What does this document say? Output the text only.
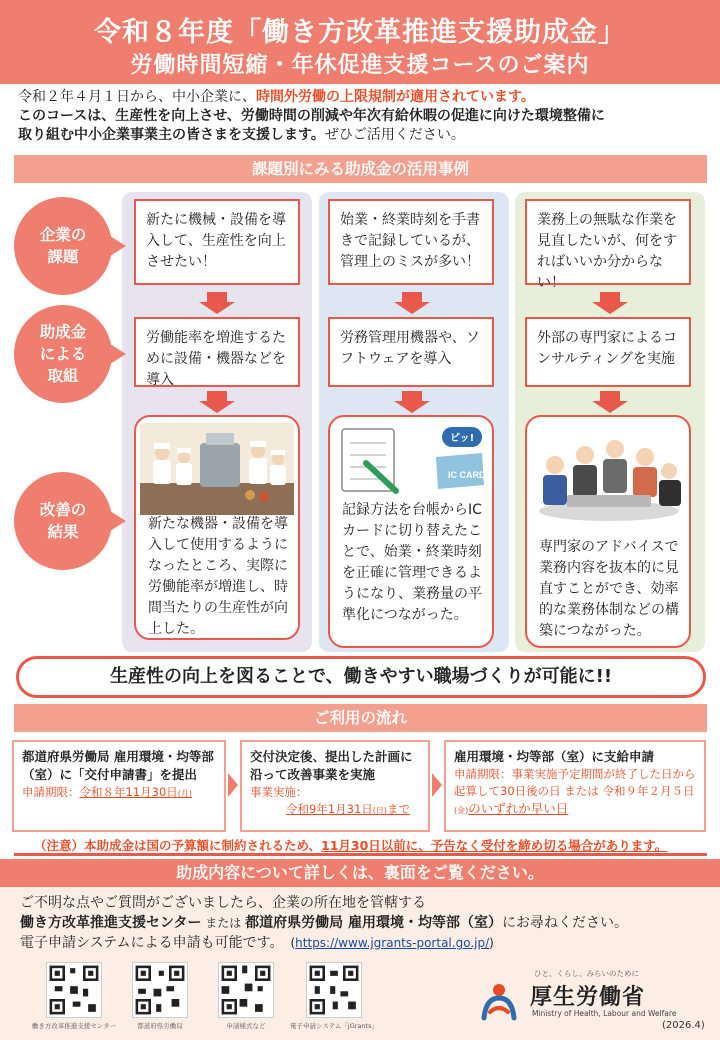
令和８年度「働き方改革推進支援助成金」
労働時間短縮・年休促進支援コースのご案内
令和２年４月１日から、中小企業に、時間外労働の上限規制が適用されています。
このコースは、生産性を向上させ、労働時間の削減や年次有給休暇の促進に向けた環境整備に
取り組む中小企業事業主の皆さまを支援します。ぜひご活用ください。
課題別にみる助成金の活用事例
企業の
課題
助成金
による
取組
改善の
結果
新たに機械・設備を導入して、生産性を向上させたい！
労働能率を増進するために設備・機器などを導入
新たな機器・設備を導入して使用するようになったところ、実際に労働能率が増進し、時間当たりの生産性が向上した。
始業・終業時刻を手書きで記録しているが、管理上のミスが多い！
労務管理用機器や、ソフトウェアを導入
IC CARD
ピッ!
記録方法を台帳からICカードに切り替えたことで、始業・終業時刻を正確に管理できるようになり、業務量の平準化につながった。
業務上の無駄な作業を見直したいが、何をすればいいか分からない！
外部の専門家によるコンサルティングを実施
専門家のアドバイスで業務内容を抜本的に見直すことができ、効率的な業務体制などの構築につながった。
生産性の向上を図ることで、働きやすい職場づくりが可能に!!
ご利用の流れ
都道府県労働局 雇用環境・均等部（室）に「交付申請書」を提出
申請期限：令和８年11月30日(月)
交付決定後、提出した計画に沿って改善事業を実施
事業実施：
令和9年1月31日(日)まで
雇用環境・均等部（室）に支給申請
申請期限：事業実施予定期間が終了した日から起算して30日後の日 または 令和９年２月５日(金)のいずれか早い日
（注意）本助成金は国の予算額に制約されるため、11月30日以前に、予告なく受付を締め切る場合があります。
助成内容について詳しくは、裏面をご覧ください。
ご不明な点やご質問がございましたら、企業の所在地を管轄する
働き方改革推進支援センター または 都道府県労働局 雇用環境・均等部（室）にお尋ねください。
電子申請システムによる申請も可能です。　 (https://www.jgrants-portal.go.jp/)
働き方改革推進支援センター	都道府県労働局	申請様式など	電子申請システム「jGrants」
ひと、くらし、みらいのために
厚生労働省
Ministry of Health, Labour and Welfare
(2026.4)
